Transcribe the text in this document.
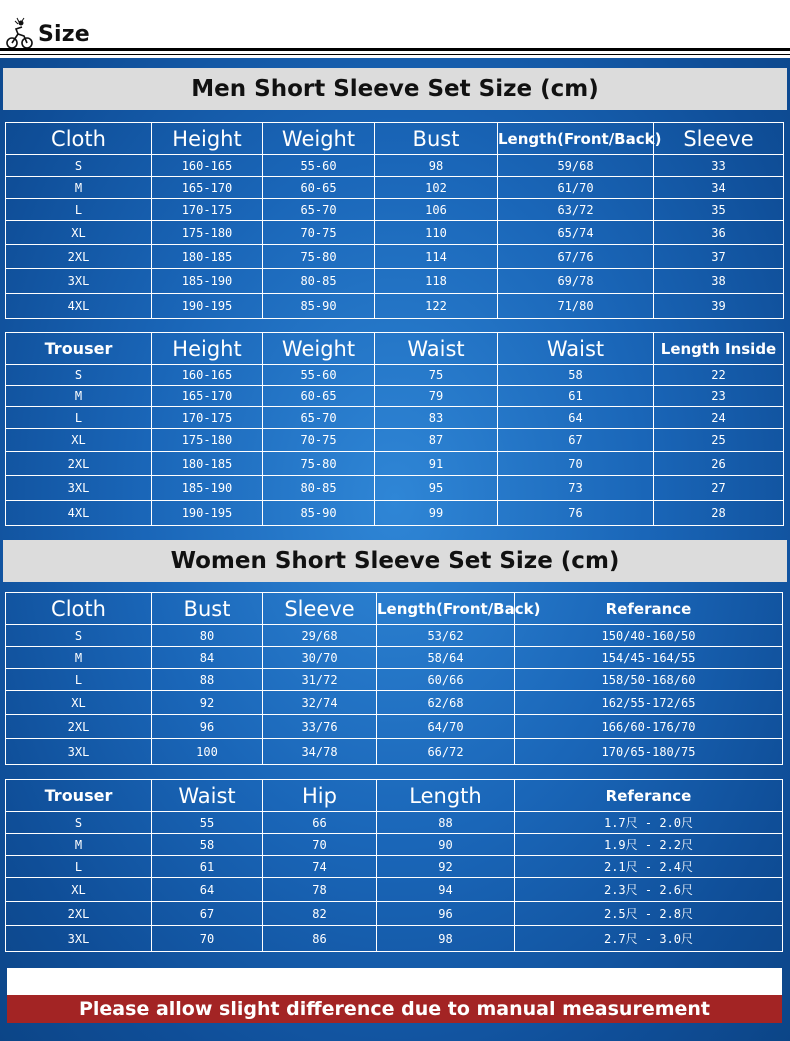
Size
Men Short Sleeve Set Size (cm)
Cloth	Height	Weight	Bust	Length(Front/Back)	Sleeve
S	160-165	55-60	98	59/68	33
M	165-170	60-65	102	61/70	34
L	170-175	65-70	106	63/72	35
XL	175-180	70-75	110	65/74	36
2XL	180-185	75-80	114	67/76	37
3XL	185-190	80-85	118	69/78	38
4XL	190-195	85-90	122	71/80	39
Trouser	Height	Weight	Waist	Waist	Length Inside
S	160-165	55-60	75	58	22
M	165-170	60-65	79	61	23
L	170-175	65-70	83	64	24
XL	175-180	70-75	87	67	25
2XL	180-185	75-80	91	70	26
3XL	185-190	80-85	95	73	27
4XL	190-195	85-90	99	76	28
Women Short Sleeve Set Size (cm)
Cloth	Bust	Sleeve	Length(Front/Back)	Referance
S	80	29/68	53/62	150/40-160/50
M	84	30/70	58/64	154/45-164/55
L	88	31/72	60/66	158/50-168/60
XL	92	32/74	62/68	162/55-172/65
2XL	96	33/76	64/70	166/60-176/70
3XL	100	34/78	66/72	170/65-180/75
Trouser	Waist	Hip	Length	Referance
S	55	66	88	1.7尺 - 2.0尺
M	58	70	90	1.9尺 - 2.2尺
L	61	74	92	2.1尺 - 2.4尺
XL	64	78	94	2.3尺 - 2.6尺
2XL	67	82	96	2.5尺 - 2.8尺
3XL	70	86	98	2.7尺 - 3.0尺
Please allow slight difference due to manual measurement
